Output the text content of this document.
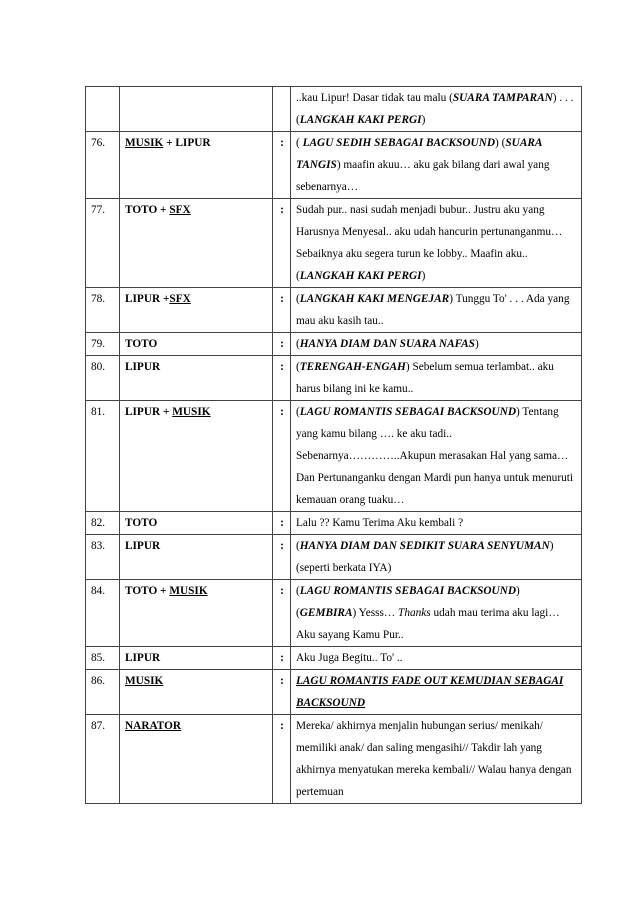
			..kau Lipur! Dasar tidak tau malu (SUARA TAMPARAN) . . .(LANGKAH KAKI PERGI)
76.	MUSIK + LIPUR	:	( LAGU SEDIH SEBAGAI BACKSOUND) (SUARA TANGIS) maafin akuu… aku gak bilang dari awal yang sebenarnya…
77.	TOTO + SFX	:	Sudah pur.. nasi sudah menjadi bubur.. Justru aku yang Harusnya Menyesal.. aku udah hancurin pertunanganmu… Sebaiknya aku segera turun ke lobby.. Maafin aku.. (LANGKAH KAKI PERGI)
78.	LIPUR +SFX	:	(LANGKAH KAKI MENGEJAR) Tunggu To' . . . Ada yang mau aku kasih tau..
79.	TOTO	:	(HANYA DIAM DAN SUARA NAFAS)
80.	LIPUR	:	(TERENGAH-ENGAH) Sebelum semua terlambat.. aku harus bilang ini ke kamu..
81.	LIPUR + MUSIK	:	(LAGU ROMANTIS SEBAGAI BACKSOUND) Tentang yang kamu bilang …. ke aku tadi.. Sebenarnya…………..Akupun merasakan Hal yang sama… Dan Pertunanganku dengan Mardi pun hanya untuk menuruti kemauan orang tuaku…
82.	TOTO	:	Lalu ?? Kamu Terima Aku kembali ?
83.	LIPUR	:	(HANYA DIAM DAN SEDIKIT SUARA SENYUMAN) (seperti berkata IYA)
84.	TOTO + MUSIK	:	(LAGU ROMANTIS SEBAGAI BACKSOUND) (GEMBIRA) Yesss… Thanks udah mau terima aku lagi… Aku sayang Kamu Pur..
85.	LIPUR	:	Aku Juga Begitu.. To' ..
86.	MUSIK	:	LAGU ROMANTIS FADE OUT KEMUDIAN SEBAGAI BACKSOUND
87.	NARATOR	:	Mereka/ akhirnya menjalin hubungan serius/ menikah/ memiliki anak/ dan saling mengasihi// Takdir lah yang akhirnya menyatukan mereka kembali// Walau hanya dengan pertemuan
